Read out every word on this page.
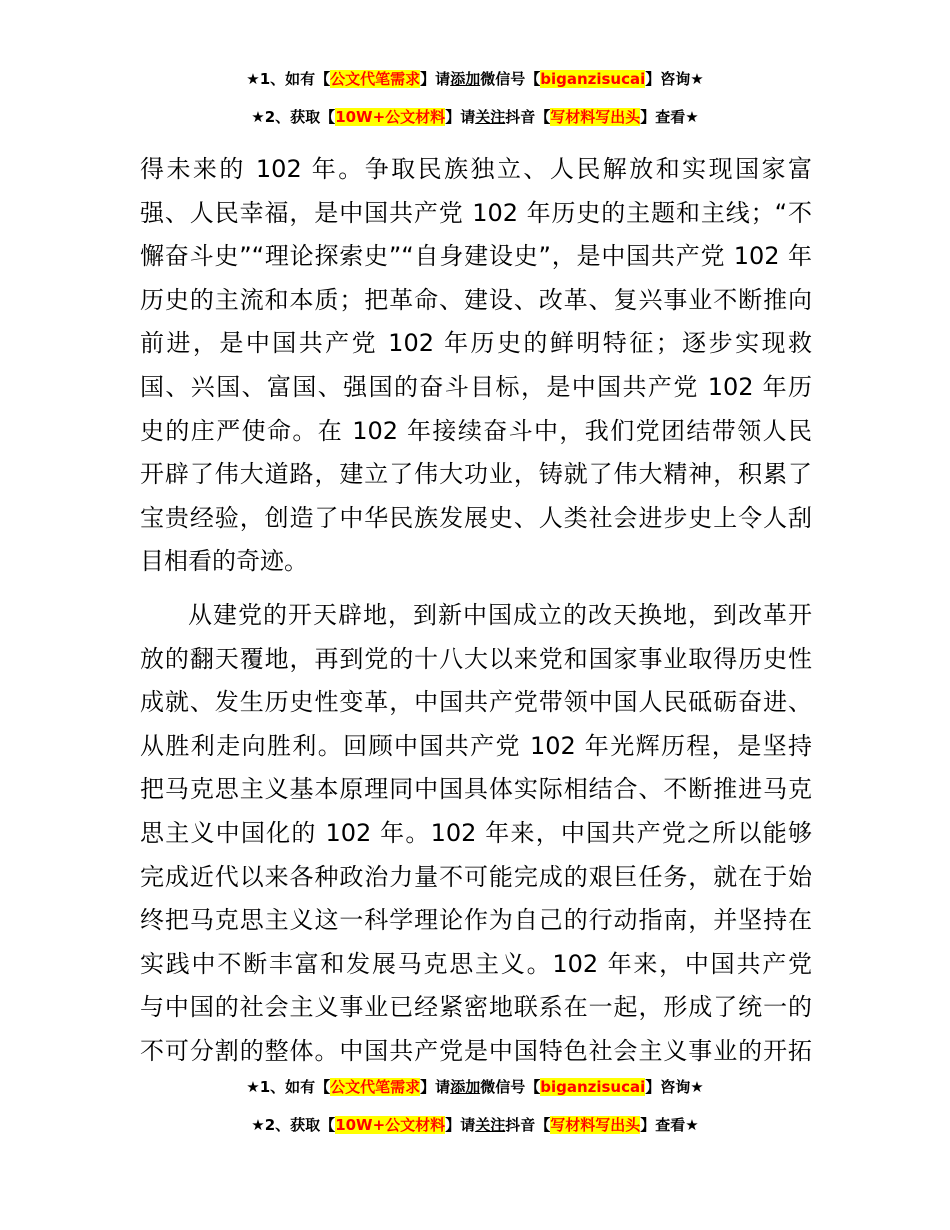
★1、如有【公文代笔需求】请添加微信号【biganzisucai】咨询★
★2、获取【10W+公文材料】请关注抖音【写材料写出头】查看★
得未来的 102 年。争取民族独立、人民解放和实现国家富
强、人民幸福，是中国共产党 102 年历史的主题和主线；“不
懈奋斗史”“理论探索史”“自身建设史”，是中国共产党 102 年
历史的主流和本质；把革命、建设、改革、复兴事业不断推向
前进，是中国共产党 102 年历史的鲜明特征；逐步实现救
国、兴国、富国、强国的奋斗目标，是中国共产党 102 年历
史的庄严使命。在 102 年接续奋斗中，我们党团结带领人民
开辟了伟大道路，建立了伟大功业，铸就了伟大精神，积累了
宝贵经验，创造了中华民族发展史、人类社会进步史上令人刮
目相看的奇迹。
从建党的开天辟地，到新中国成立的改天换地，到改革开
放的翻天覆地，再到党的十八大以来党和国家事业取得历史性
成就、发生历史性变革，中国共产党带领中国人民砥砺奋进、
从胜利走向胜利。回顾中国共产党 102 年光辉历程，是坚持
把马克思主义基本原理同中国具体实际相结合、不断推进马克
思主义中国化的 102 年。102 年来，中国共产党之所以能够
完成近代以来各种政治力量不可能完成的艰巨任务，就在于始
终把马克思主义这一科学理论作为自己的行动指南，并坚持在
实践中不断丰富和发展马克思主义。102 年来，中国共产党
与中国的社会主义事业已经紧密地联系在一起，形成了统一的
不可分割的整体。中国共产党是中国特色社会主义事业的开拓
★1、如有【公文代笔需求】请添加微信号【biganzisucai】咨询★
★2、获取【10W+公文材料】请关注抖音【写材料写出头】查看★
